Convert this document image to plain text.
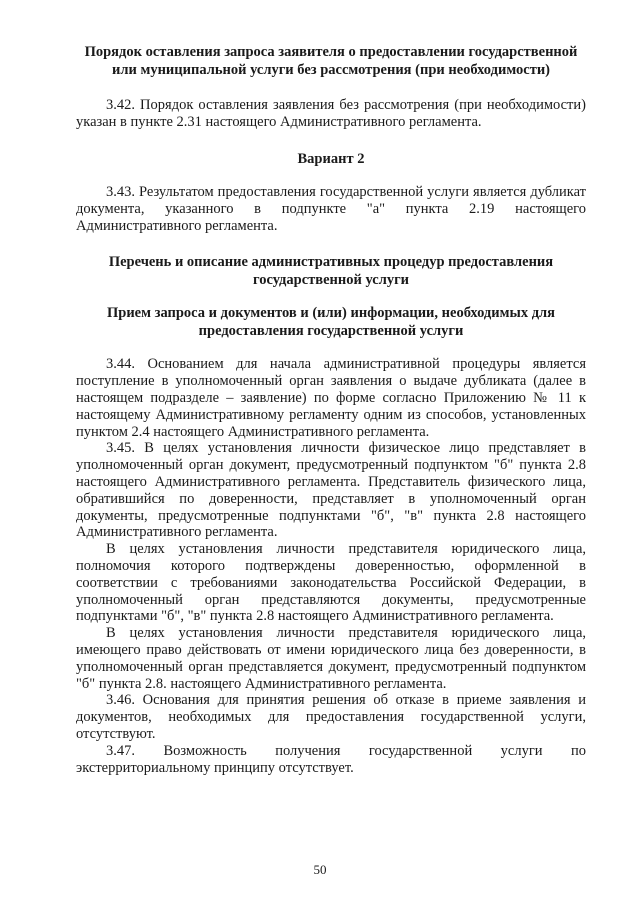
Порядок оставления запроса заявителя о предоставлении государственной или муниципальной услуги без рассмотрения (при необходимости)

3.42. Порядок оставления заявления без рассмотрения (при необходимости) указан в пункте 2.31 настоящего Административного регламента.

Вариант 2

3.43. Результатом предоставления государственной услуги является дубликат документа, указанного в подпункте "а" пункта 2.19 настоящего Административного регламента.

Перечень и описание административных процедур предоставления государственной услуги

Прием запроса и документов и (или) информации, необходимых для предоставления государственной услуги

3.44. Основанием для начала административной процедуры является поступление в уполномоченный орган заявления о выдаче дубликата (далее в настоящем подразделе – заявление) по форме согласно Приложению № 11 к настоящему Административному регламенту одним из способов, установленных пунктом 2.4 настоящего Административного регламента.

3.45. В целях установления личности физическое лицо представляет в уполномоченный орган документ, предусмотренный подпунктом "б" пункта 2.8 настоящего Административного регламента. Представитель физического лица, обратившийся по доверенности, представляет в уполномоченный орган документы, предусмотренные подпунктами "б", "в" пункта 2.8 настоящего Административного регламента.

В целях установления личности представителя юридического лица, полномочия которого подтверждены доверенностью, оформленной в соответствии с требованиями законодательства Российской Федерации, в уполномоченный орган представляются документы, предусмотренные подпунктами "б", "в" пункта 2.8 настоящего Административного регламента.

В целях установления личности представителя юридического лица, имеющего право действовать от имени юридического лица без доверенности, в уполномоченный орган представляется документ, предусмотренный подпунктом "б" пункта 2.8. настоящего Административного регламента.

3.46. Основания для принятия решения об отказе в приеме заявления и документов, необходимых для предоставления государственной услуги, отсутствуют.

3.47. Возможность получения государственной услуги по экстерриториальному принципу отсутствует.

50
